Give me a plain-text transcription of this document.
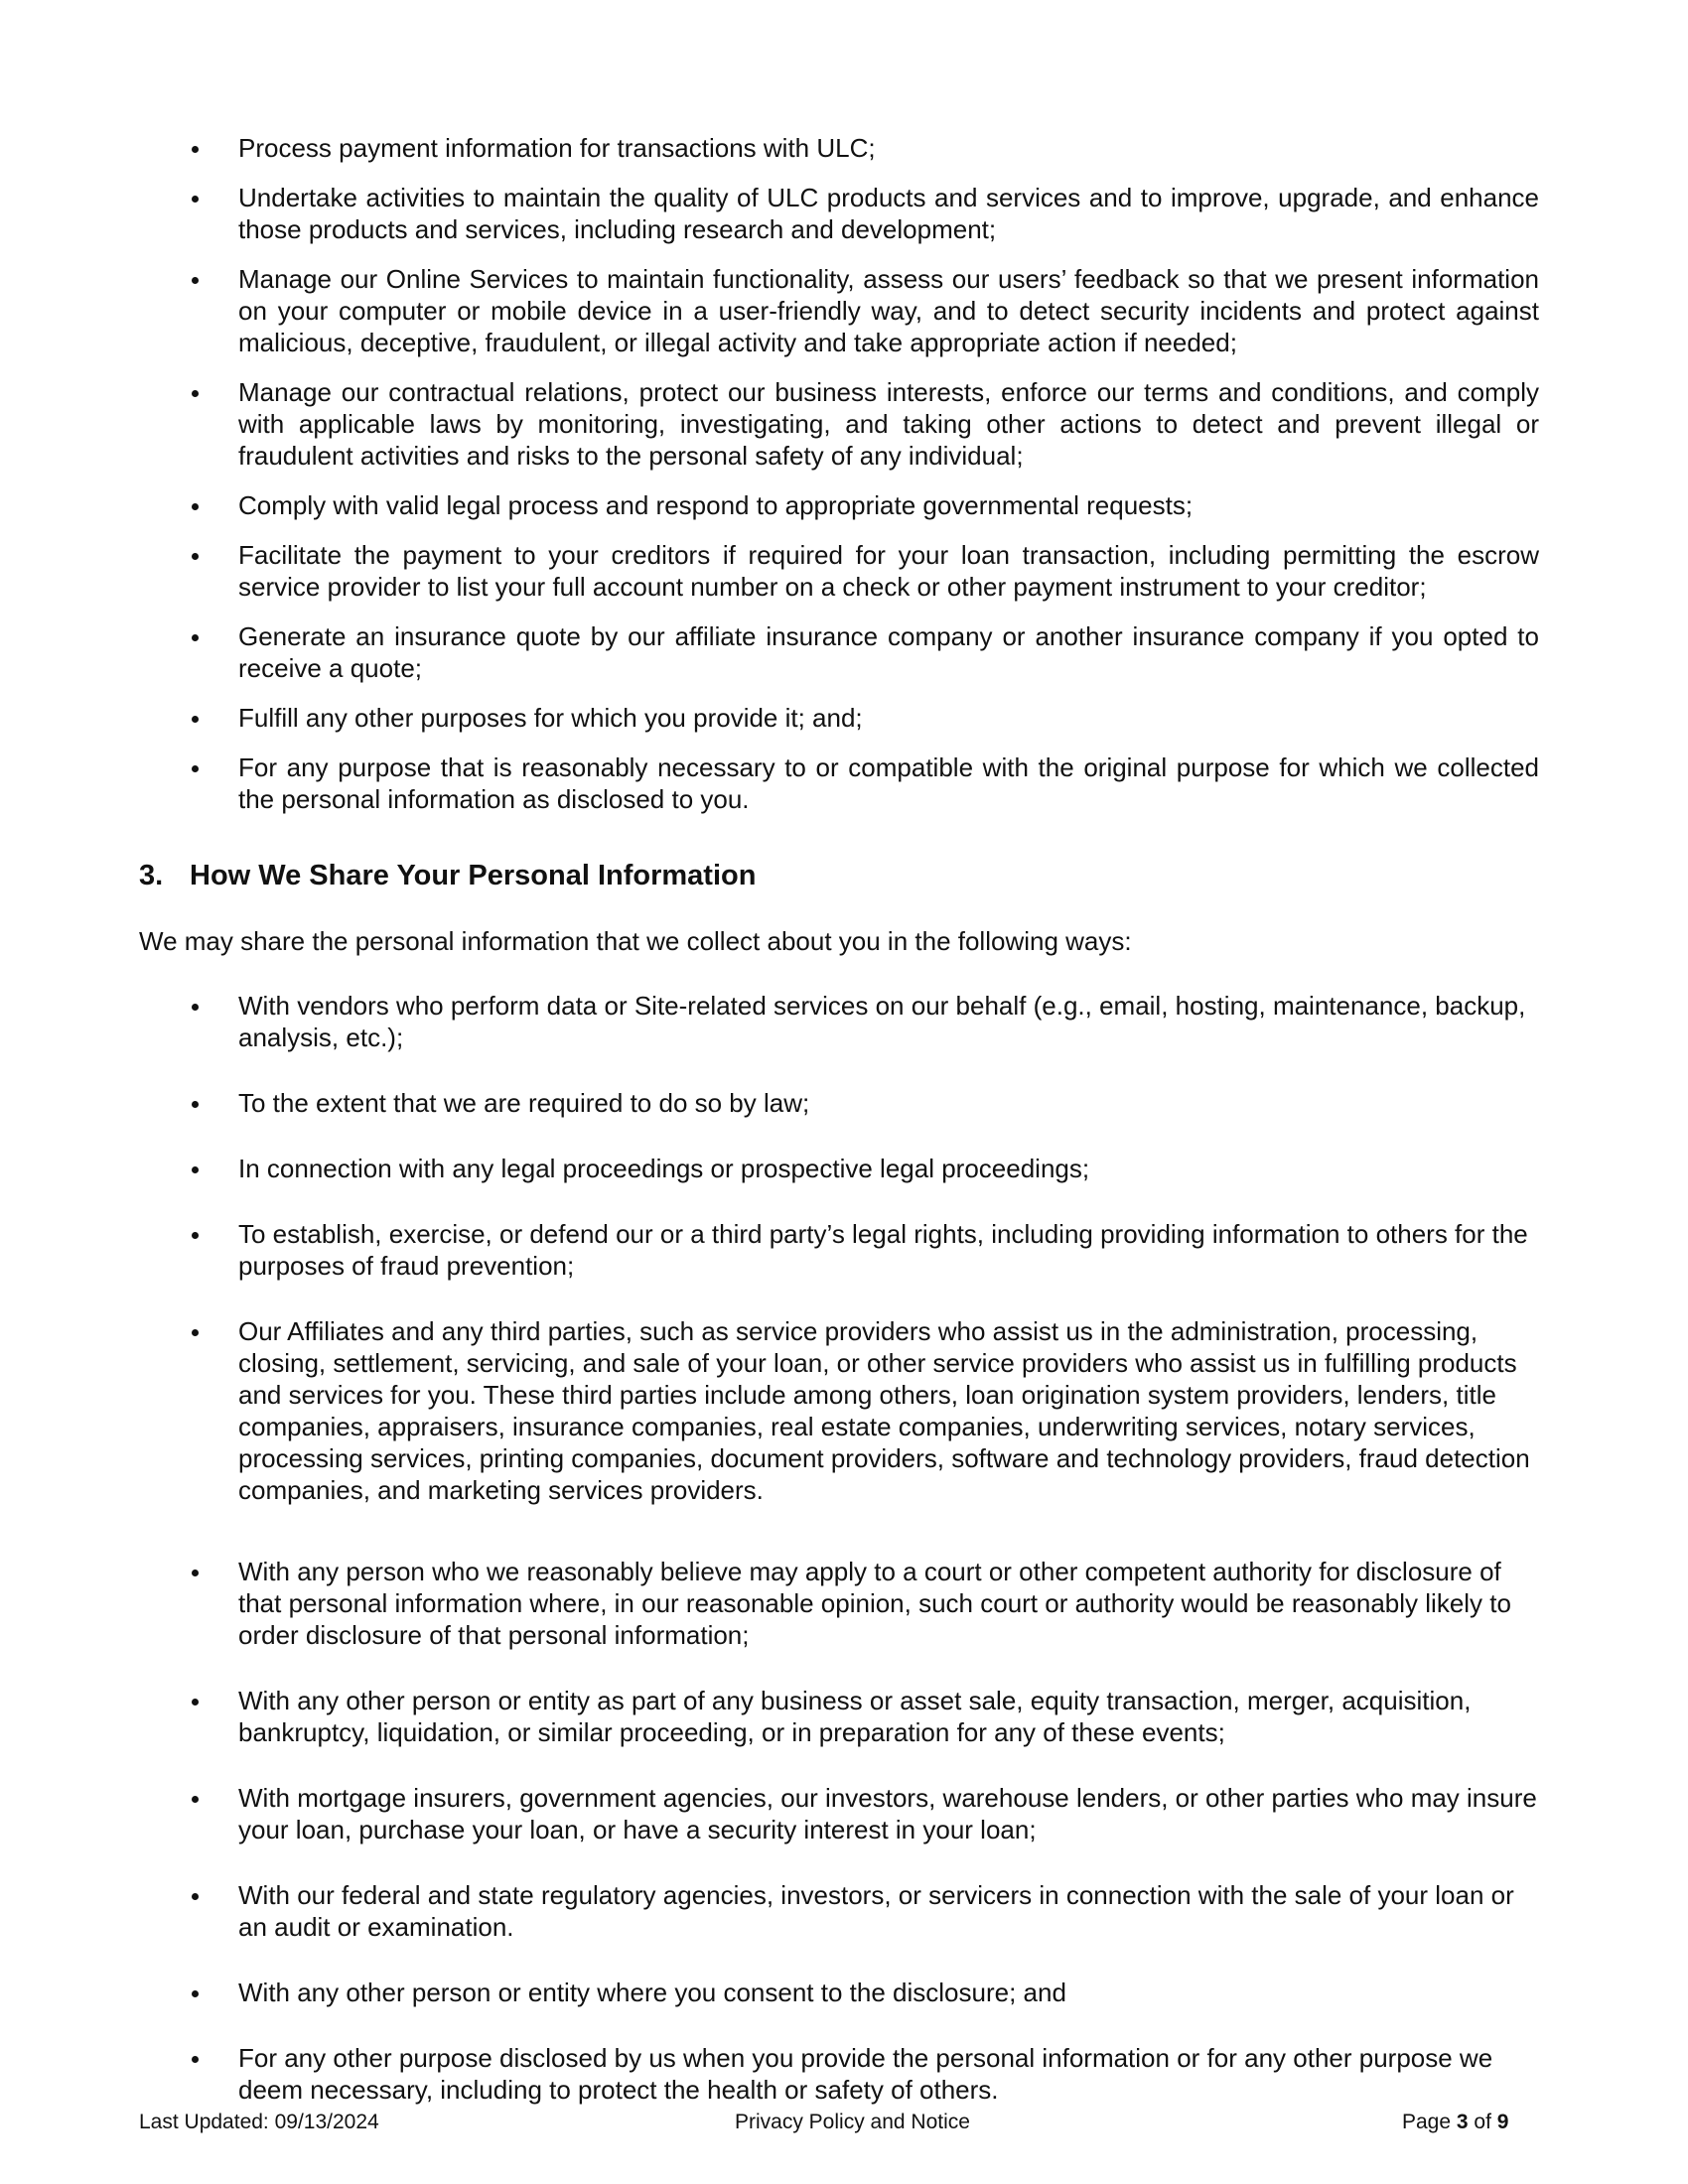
Process payment information for transactions with ULC;
Undertake activities to maintain the quality of ULC products and services and to improve, upgrade, and enhance those products and services, including research and development;
Manage our Online Services to maintain functionality, assess our users’ feedback so that we present information on your computer or mobile device in a user-friendly way, and to detect security incidents and protect against malicious, deceptive, fraudulent, or illegal activity and take appropriate action if needed;
Manage our contractual relations, protect our business interests, enforce our terms and conditions, and comply with applicable laws by monitoring, investigating, and taking other actions to detect and prevent illegal or fraudulent activities and risks to the personal safety of any individual;
Comply with valid legal process and respond to appropriate governmental requests;
Facilitate the payment to your creditors if required for your loan transaction, including permitting the escrow service provider to list your full account number on a check or other payment instrument to your creditor;
Generate an insurance quote by our affiliate insurance company or another insurance company if you opted to receive a quote;
Fulfill any other purposes for which you provide it; and;
For any purpose that is reasonably necessary to or compatible with the original purpose for which we collected the personal information as disclosed to you.
3. How We Share Your Personal Information

We may share the personal information that we collect about you in the following ways:

With vendors who perform data or Site-related services on our behalf (e.g., email, hosting, maintenance, backup, analysis, etc.);
To the extent that we are required to do so by law;
In connection with any legal proceedings or prospective legal proceedings;
To establish, exercise, or defend our or a third party’s legal rights, including providing information to others for the purposes of fraud prevention;
Our Affiliates and any third parties, such as service providers who assist us in the administration, processing, closing, settlement, servicing, and sale of your loan, or other service providers who assist us in fulfilling products and services for you. These third parties include among others, loan origination system providers, lenders, title companies, appraisers, insurance companies, real estate companies, underwriting services, notary services, processing services, printing companies, document providers, software and technology providers, fraud detection companies, and marketing services providers.
With any person who we reasonably believe may apply to a court or other competent authority for disclosure of that personal information where, in our reasonable opinion, such court or authority would be reasonably likely to order disclosure of that personal information;
With any other person or entity as part of any business or asset sale, equity transaction, merger, acquisition, bankruptcy, liquidation, or similar proceeding, or in preparation for any of these events;
With mortgage insurers, government agencies, our investors, warehouse lenders, or other parties who may insure your loan, purchase your loan, or have a security interest in your loan;
With our federal and state regulatory agencies, investors, or servicers in connection with the sale of your loan or an audit or examination.
With any other person or entity where you consent to the disclosure; and
For any other purpose disclosed by us when you provide the personal information or for any other purpose we deem necessary, including to protect the health or safety of others.
Last Updated: 09/13/2024	Privacy Policy and Notice	Page 3 of 9
